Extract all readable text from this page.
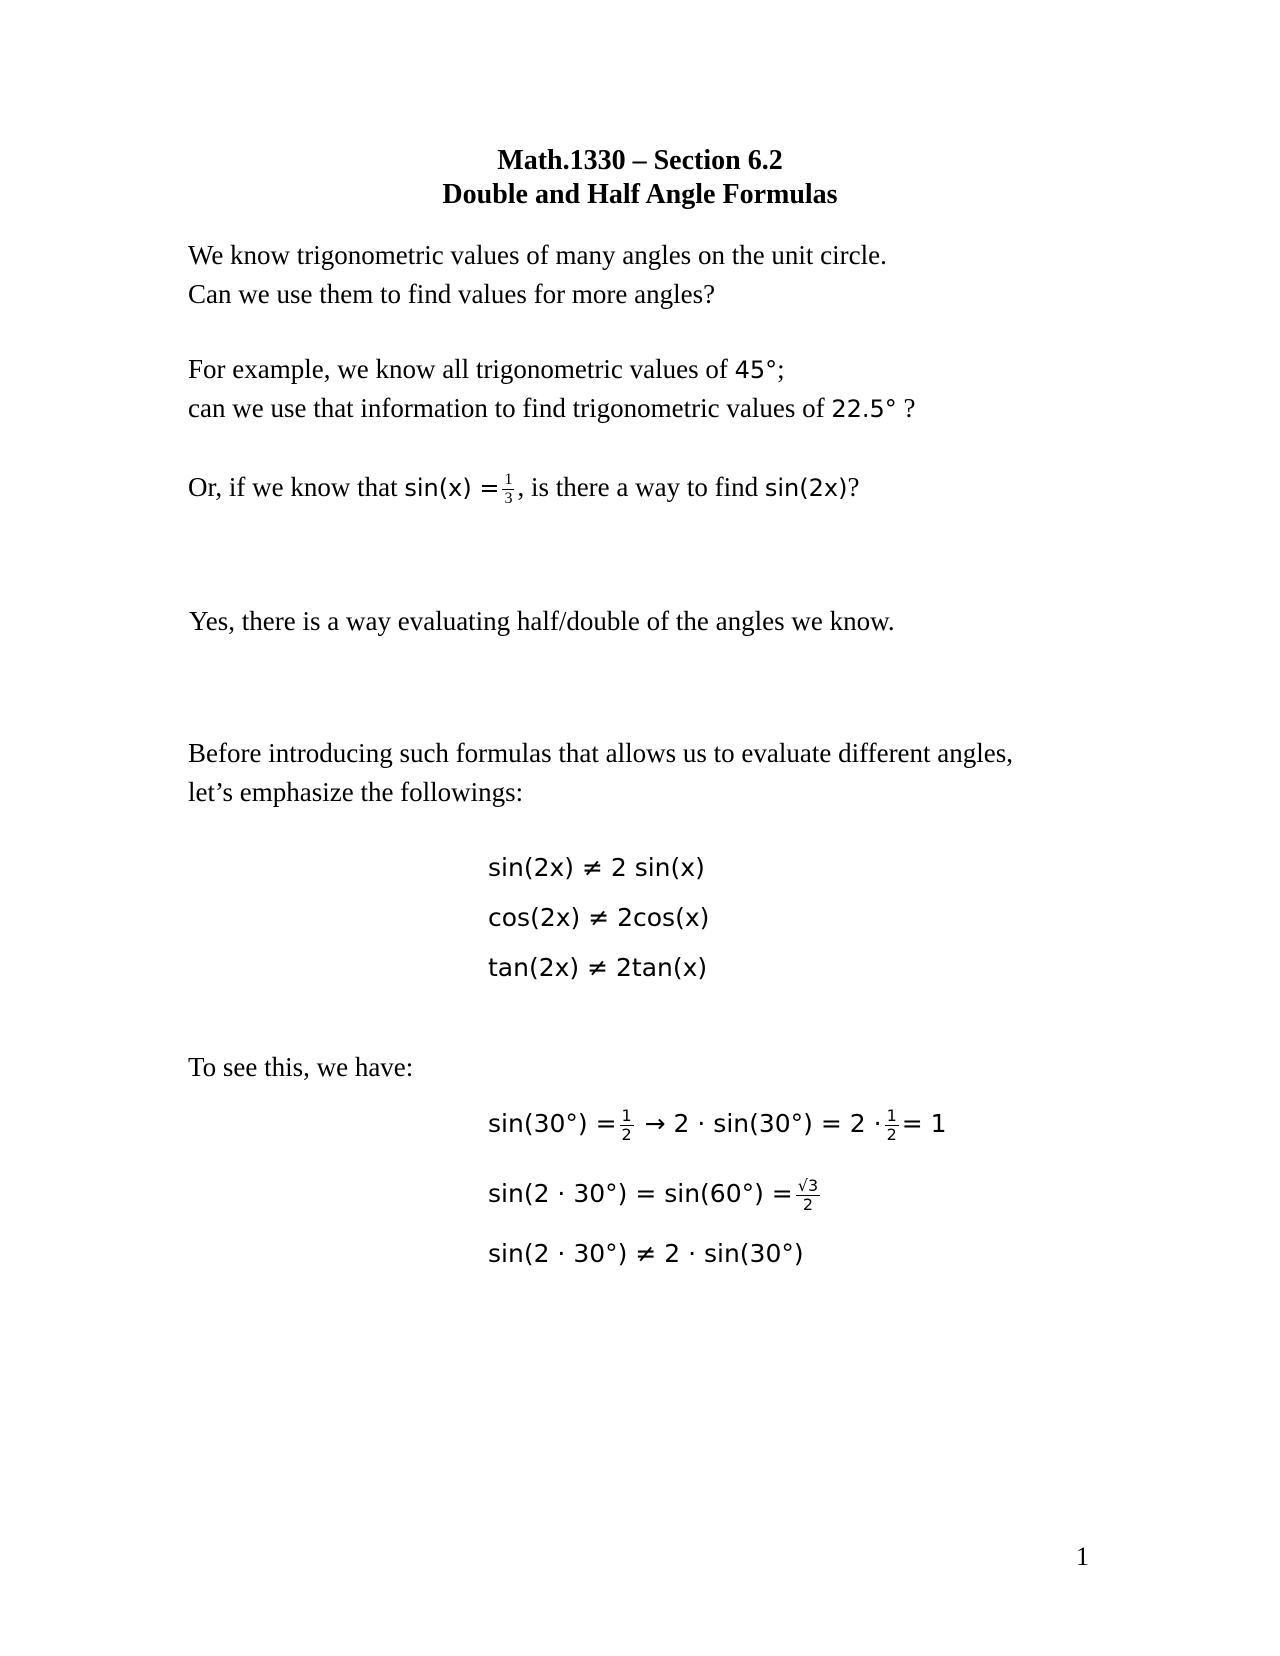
Math.1330 – Section 6.2
Double and Half Angle Formulas
We know trigonometric values of many angles on the unit circle.
Can we use them to find values for more angles?
For example, we know all trigonometric values of 45°;
can we use that information to find trigonometric values of 22.5° ?
Or, if we know that $\sin(x) = \frac{1}{3}$ , is there a way to find sin(2x)?
Yes, there is a way evaluating half/double of the angles we know.
Before introducing such formulas that allows us to evaluate different angles,
let’s emphasize the followings:
sin(2x) ≠ 2 sin(x)
cos(2x) ≠ 2cos(x)
tan(2x) ≠ 2tan(x)
To see this, we have:
$\sin(30^\circ) = \frac{1}{2} \to 2 \cdot \sin(30^\circ) = 2 \cdot \frac{1}{2} = 1$
$\sin(2 \cdot 30^\circ) = \sin(60^\circ) = \frac{√3}{2}$
sin(2 · 30°) ≠ 2 · sin(30°)
1
